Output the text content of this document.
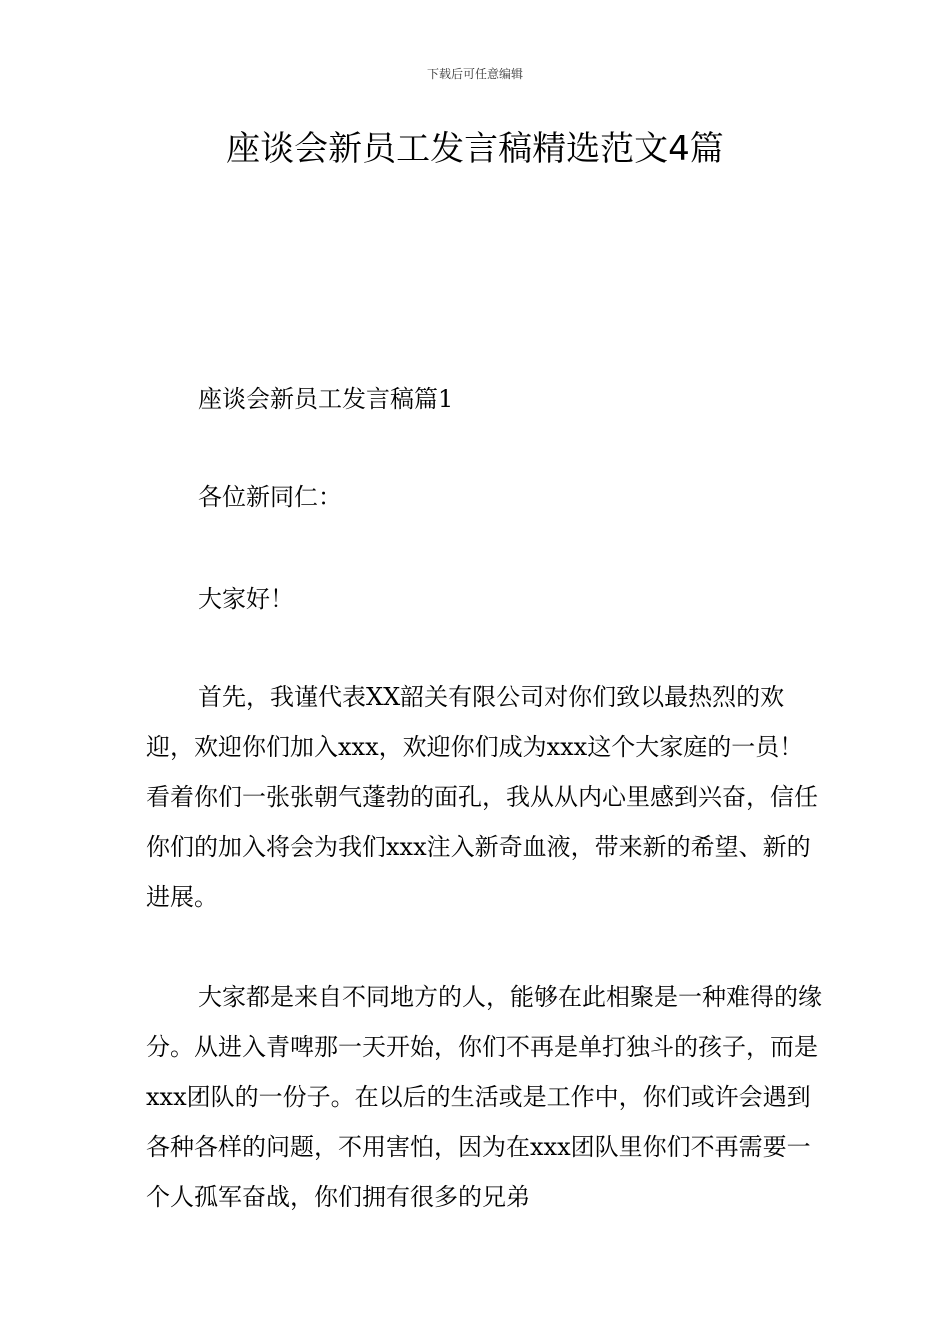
下载后可任意编辑
座谈会新员工发言稿精选范文4篇

座谈会新员工发言稿篇1

各位新同仁：

大家好！

首先，我谨代表XX韶关有限公司对你们致以最热烈的欢迎，欢迎你们加入xxx，欢迎你们成为xxx这个大家庭的一员！看着你们一张张朝气蓬勃的面孔，我从从内心里感到兴奋，信任你们的加入将会为我们xxx注入新奇血液，带来新的希望、新的进展。

大家都是来自不同地方的人，能够在此相聚是一种难得的缘分。从进入青啤那一天开始，你们不再是单打独斗的孩子，而是xxx团队的一份子。在以后的生活或是工作中，你们或许会遇到各种各样的问题，不用害怕，因为在xxx团队里你们不再需要一个人孤军奋战，你们拥有很多的兄弟
